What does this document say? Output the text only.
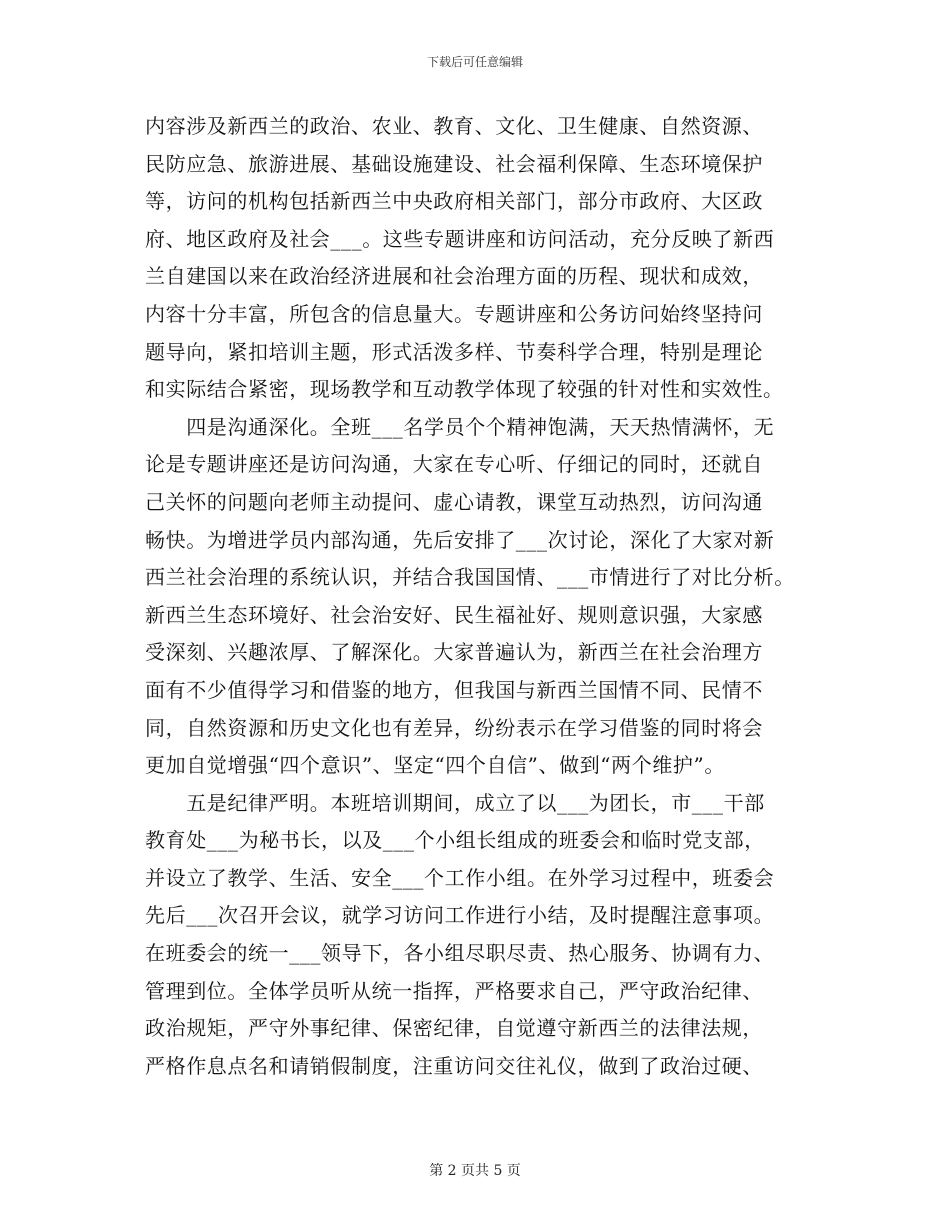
下载后可任意编辑
内容涉及新西兰的政治、农业、教育、文化、卫生健康、自然资源、
民防应急、旅游进展、基础设施建设、社会福利保障、生态环境保护
等，访问的机构包括新西兰中央政府相关部门，部分市政府、大区政
府、地区政府及社会___。这些专题讲座和访问活动，充分反映了新西
兰自建国以来在政治经济进展和社会治理方面的历程、现状和成效，
内容十分丰富，所包含的信息量大。专题讲座和公务访问始终坚持问
题导向，紧扣培训主题，形式活泼多样、节奏科学合理，特别是理论
和实际结合紧密，现场教学和互动教学体现了较强的针对性和实效性。
　　四是沟通深化。全班___名学员个个精神饱满，天天热情满怀，无
论是专题讲座还是访问沟通，大家在专心听、仔细记的同时，还就自
己关怀的问题向老师主动提问、虚心请教，课堂互动热烈，访问沟通
畅快。为增进学员内部沟通，先后安排了___次讨论，深化了大家对新
西兰社会治理的系统认识，并结合我国国情、___市情进行了对比分析。
新西兰生态环境好、社会治安好、民生福祉好、规则意识强，大家感
受深刻、兴趣浓厚、了解深化。大家普遍认为，新西兰在社会治理方
面有不少值得学习和借鉴的地方，但我国与新西兰国情不同、民情不
同，自然资源和历史文化也有差异，纷纷表示在学习借鉴的同时将会
更加自觉增强“四个意识”、坚定“四个自信”、做到“两个维护”。
　　五是纪律严明。本班培训期间，成立了以___为团长，市___干部
教育处___为秘书长，以及___个小组长组成的班委会和临时党支部，
并设立了教学、生活、安全___个工作小组。在外学习过程中，班委会
先后___次召开会议，就学习访问工作进行小结，及时提醒注意事项。
在班委会的统一___领导下，各小组尽职尽责、热心服务、协调有力、
管理到位。全体学员听从统一指挥，严格要求自己，严守政治纪律、
政治规矩，严守外事纪律、保密纪律，自觉遵守新西兰的法律法规，
严格作息点名和请销假制度，注重访问交往礼仪，做到了政治过硬、
第 2 页共 5 页
